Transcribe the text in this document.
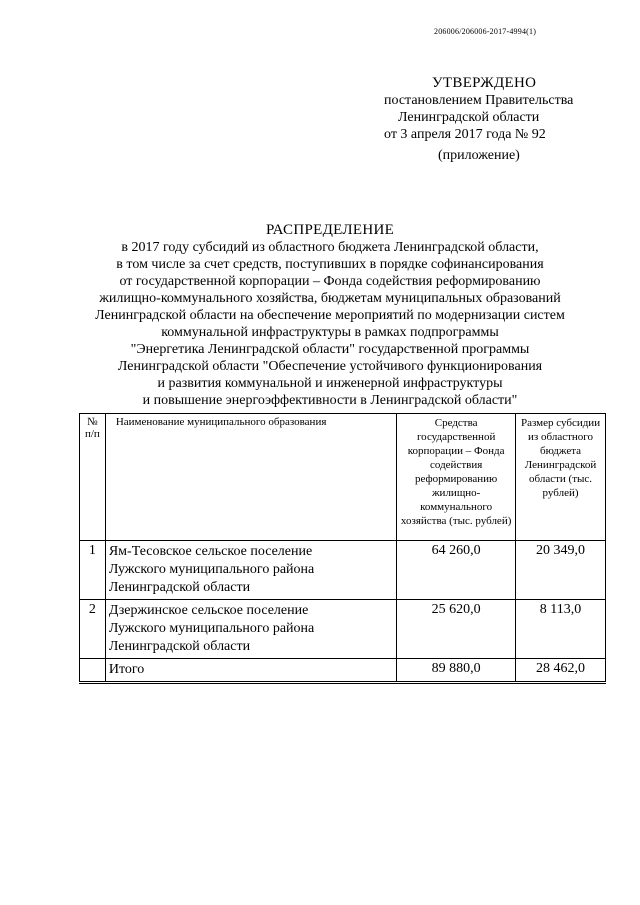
206006/206006-2017-4994(1)
УТВЕРЖДЕНО
постановлением Правительства
Ленинградской области
от 3 апреля 2017 года № 92
(приложение)
РАСПРЕДЕЛЕНИЕ
в 2017 году субсидий из областного бюджета Ленинградской области,
в том числе за счет средств, поступивших в порядке софинансирования
от государственной корпорации – Фонда содействия реформированию
жилищно-коммунального хозяйства, бюджетам муниципальных образований
Ленинградской области на обеспечение мероприятий по модернизации систем
коммунальной инфраструктуры в рамках подпрограммы
"Энергетика Ленинградской области" государственной программы
Ленинградской области "Обеспечение устойчивого функционирования
и развития коммунальной и инженерной инфраструктуры
и повышение энергоэффективности в Ленинградской области"
№ п/п	Наименование муниципального образования	Средства государственной корпорации – Фонда содействия реформированию жилищно-коммунального хозяйства (тыс. рублей)	Размер субсидии из областного бюджета Ленинградской области (тыс. рублей)
1	Ям-Тесовское сельское поселение
Лужского муниципального района
Ленинградской области	64 260,0	20 349,0
2	Дзержинское сельское поселение
Лужского муниципального района
Ленинградской области	25 620,0	8 113,0
	Итого	89 880,0	28 462,0
